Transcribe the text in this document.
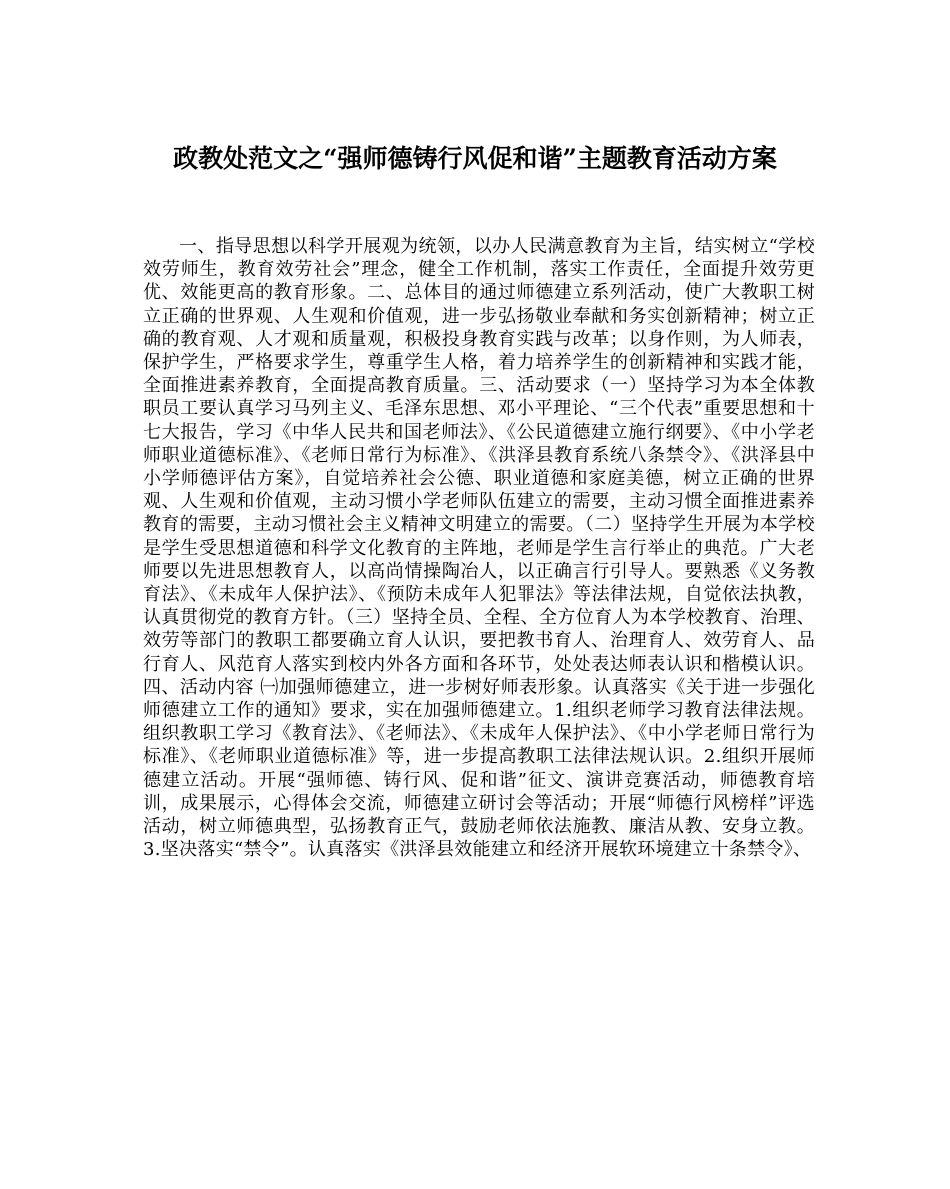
政教处范文之“强师德铸行风促和谐”主题教育活动方案

一、指导思想以科学开展观为统领，以办人民满意教育为主旨，结实树立“学校效劳师生，教育效劳社会”理念，健全工作机制，落实工作责任，全面提升效劳更优、效能更高的教育形象。二、总体目的通过师德建立系列活动，使广大教职工树立正确的世界观、人生观和价值观，进一步弘扬敬业奉献和务实创新精神；树立正确的教育观、人才观和质量观，积极投身教育实践与改革；以身作则，为人师表，保护学生，严格要求学生，尊重学生人格，着力培养学生的创新精神和实践才能，全面推进素养教育，全面提高教育质量。三、活动要求（一）坚持学习为本全体教职员工要认真学习马列主义、毛泽东思想、邓小平理论、“三个代表”重要思想和十七大报告，学习《中华人民共和国老师法》、《公民道德建立施行纲要》、《中小学老师职业道德标准》、《老师日常行为标准》、《洪泽县教育系统八条禁令》、《洪泽县中小学师德评估方案》，自觉培养社会公德、职业道德和家庭美德，树立正确的世界观、人生观和价值观，主动习惯小学老师队伍建立的需要，主动习惯全面推进素养教育的需要，主动习惯社会主义精神文明建立的需要。（二）坚持学生开展为本学校是学生受思想道德和科学文化教育的主阵地，老师是学生言行举止的典范。广大老师要以先进思想教育人，以高尚情操陶冶人，以正确言行引导人。要熟悉《义务教育法》、《未成年人保护法》、《预防未成年人犯罪法》等法律法规，自觉依法执教，认真贯彻党的教育方针。（三）坚持全员、全程、全方位育人为本学校教育、治理、效劳等部门的教职工都要确立育人认识，要把教书育人、治理育人、效劳育人、品行育人、风范育人落实到校内外各方面和各环节，处处表达师表认识和楷模认识。四、活动内容 ㈠加强师德建立，进一步树好师表形象。认真落实《关于进一步强化师德建立工作的通知》要求，实在加强师德建立。1.组织老师学习教育法律法规。组织教职工学习《教育法》、《老师法》、《未成年人保护法》、《中小学老师日常行为标准》、《老师职业道德标准》等，进一步提高教职工法律法规认识。2.组织开展师德建立活动。开展“强师德、铸行风、促和谐”征文、演讲竞赛活动，师德教育培训，成果展示，心得体会交流，师德建立研讨会等活动；开展“师德行风榜样”评选活动，树立师德典型，弘扬教育正气，鼓励老师依法施教、廉洁从教、安身立教。3.坚决落实“禁令”。认真落实《洪泽县效能建立和经济开展软环境建立十条禁令》、
